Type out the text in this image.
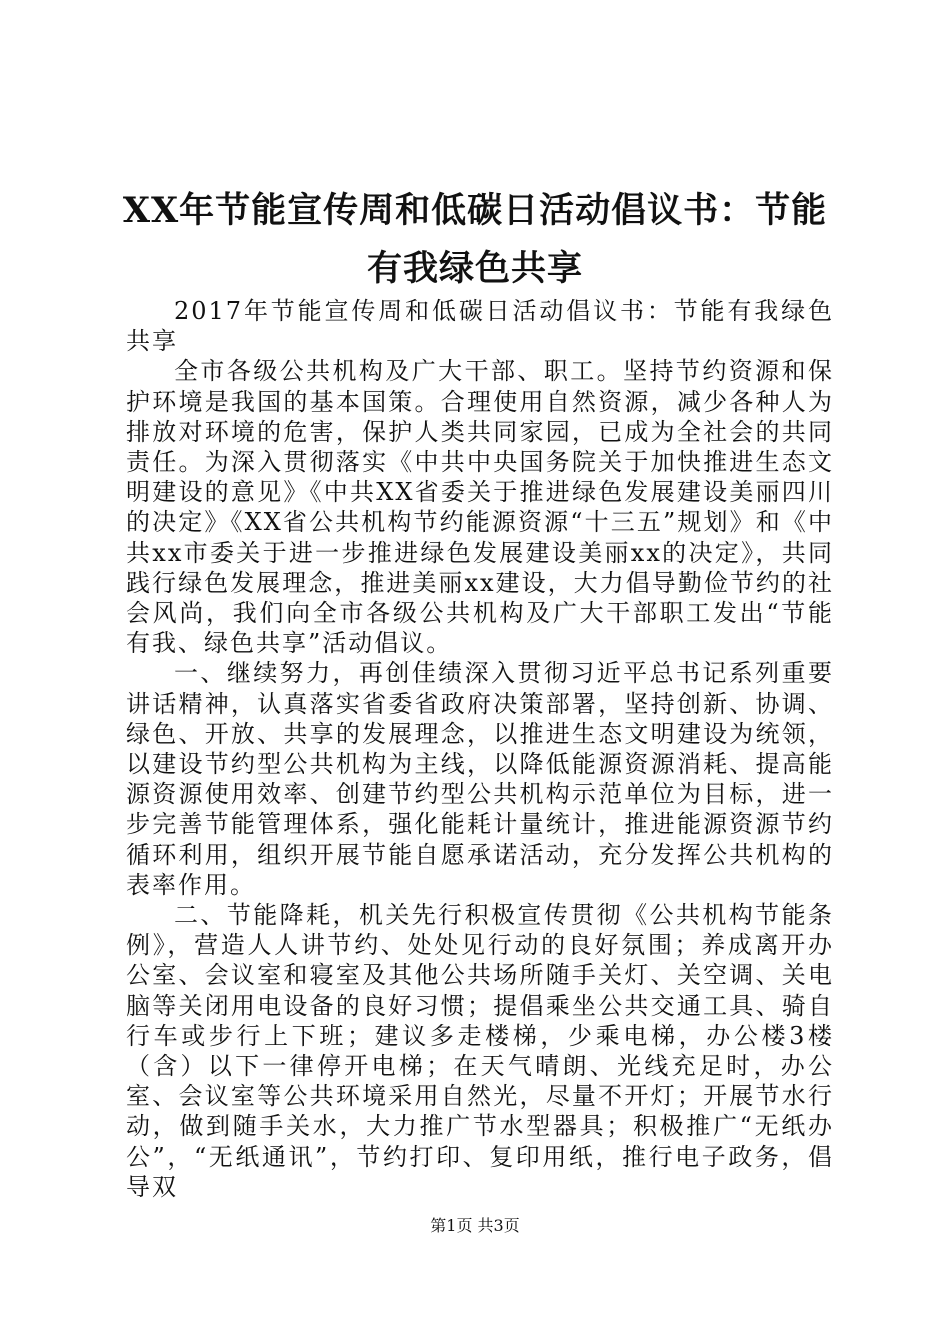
XX年节能宣传周和低碳日活动倡议书：节能有我绿色共享

2017年节能宣传周和低碳日活动倡议书：节能有我绿色共享

全市各级公共机构及广大干部、职工。坚持节约资源和保护环境是我国的基本国策。合理使用自然资源，减少各种人为排放对环境的危害，保护人类共同家园，已成为全社会的共同责任。为深入贯彻落实《中共中央国务院关于加快推进生态文明建设的意见》《中共XX省委关于推进绿色发展建设美丽四川的决定》《XX省公共机构节约能源资源“十三五”规划》和《中共xx市委关于进一步推进绿色发展建设美丽xx的决定》，共同践行绿色发展理念，推进美丽xx建设，大力倡导勤俭节约的社会风尚，我们向全市各级公共机构及广大干部职工发出“节能有我、绿色共享”活动倡议。

一、继续努力，再创佳绩深入贯彻习近平总书记系列重要讲话精神，认真落实省委省政府决策部署，坚持创新、协调、绿色、开放、共享的发展理念，以推进生态文明建设为统领，以建设节约型公共机构为主线，以降低能源资源消耗、提高能源资源使用效率、创建节约型公共机构示范单位为目标，进一步完善节能管理体系，强化能耗计量统计，推进能源资源节约循环利用，组织开展节能自愿承诺活动，充分发挥公共机构的表率作用。

二、节能降耗，机关先行积极宣传贯彻《公共机构节能条例》，营造人人讲节约、处处见行动的良好氛围；养成离开办公室、会议室和寝室及其他公共场所随手关灯、关空调、关电脑等关闭用电设备的良好习惯；提倡乘坐公共交通工具、骑自行车或步行上下班；建议多走楼梯，少乘电梯，办公楼3楼（含）以下一律停开电梯；在天气晴朗、光线充足时，办公室、会议室等公共环境采用自然光，尽量不开灯；开展节水行动，做到随手关水，大力推广节水型器具；积极推广“无纸办公”，“无纸通讯”，节约打印、复印用纸，推行电子政务，倡导双

第1页 共3页
